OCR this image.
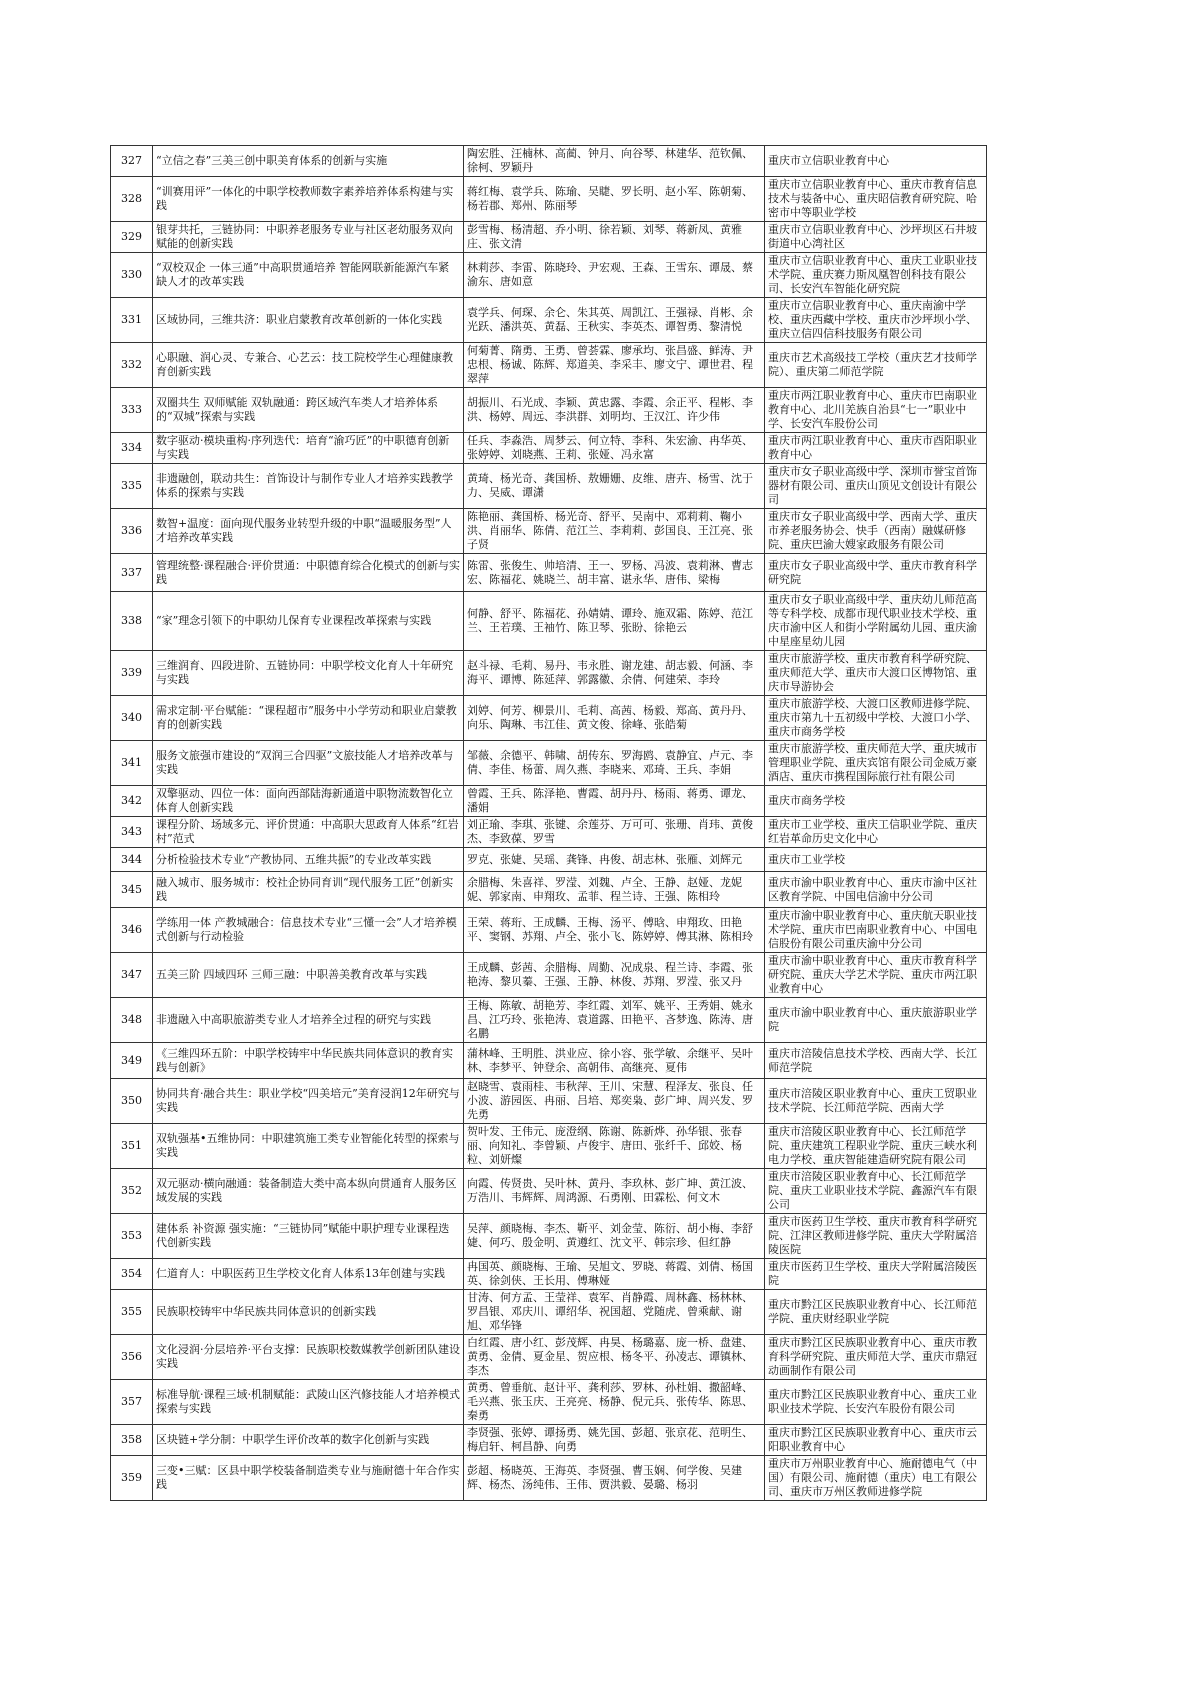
327	“立信之春”三美三创中职美育体系的创新与实施	陶宏胜、汪楠林、高蔺、钟月、向谷琴、林建华、范钦佩、徐柯、罗颖丹	重庆市立信职业教育中心

328	“训赛用评”一体化的中职学校教师数字素养培养体系构建与实践	蒋红梅、袁学兵、陈瑜、吴睫、罗长明、赵小军、陈朝菊、杨若郡、郑州、陈丽琴	重庆市立信职业教育中心、重庆市教育信息技术与装备中心、重庆昭信教育研究院、哈密市中等职业学校

329	银芽共托，三链协同：中职养老服务专业与社区老幼服务双向赋能的创新实践	彭雪梅、杨清超、乔小明、徐若颖、刘琴、蒋新凤、黄雅庄、张文清	重庆市立信职业教育中心、沙坪坝区石井坡街道中心湾社区

330	“双校双企 一体三通”中高职贯通培养 智能网联新能源汽车紧缺人才的改革实践	林莉莎、李雷、陈晓玲、尹宏观、王森、王雪东、谭晟、蔡渝东、唐如意	重庆市立信职业教育中心、重庆工业职业技术学院、重庆赛力斯凤凰智创科技有限公司、长安汽车智能化研究院

331	区域协同，三维共济：职业启蒙教育改革创新的一体化实践	袁学兵、何琛、余仑、朱其英、周凯江、王强禄、肖彬、余光跃、潘洪英、黄磊、王秋实、李英杰、谭智勇、黎清悦	重庆市立信职业教育中心、重庆南渝中学校、重庆西藏中学校、重庆市沙坪坝小学、重庆立信四信科技服务有限公司

332	心职融、润心灵、专兼合、心艺云：技工院校学生心理健康教育创新实践	何菊菁、隋勇、王勇、曾荟霖、廖承均、张昌盛、鲜涛、尹忠根、杨诚、陈辉、郑道美、李采丰、廖文宁、谭世君、程翠萍	重庆市艺术高级技工学校（重庆艺才技师学院）、重庆第二师范学院

333	双圈共生 双师赋能 双轨融通：跨区域汽车类人才培养体系的“双城”探索与实践	胡振川、石光成、李颖、黄忠露、李霞、余正平、程彬、李洪、杨婷、周远、李洪群、刘明均、王汉江、许少伟	重庆市两江职业教育中心、重庆市巴南职业教育中心、北川羌族自治县“七一”职业中学、长安汽车股份公司

334	数字驱动·模块重构·序列迭代：培育“渝巧匠”的中职德育创新与实践	任兵、李淼浩、周梦云、何立特、李科、朱宏渝、冉华英、张婷婷、刘晓燕、王莉、张娅、冯永富	重庆市两江职业教育中心、重庆市酉阳职业教育中心

335	非遗融创，联动共生：首饰设计与制作专业人才培养实践教学体系的探索与实践	黄琦、杨光奇、龚国桥、敖姗姗、皮维、唐卉、杨雪、沈于力、吴威、谭潇	重庆市女子职业高级中学、深圳市誉宝首饰器材有限公司、重庆山顶见文创设计有限公司

336	数智+温度：面向现代服务业转型升级的中职“温暖服务型”人才培养改革实践	陈艳丽、龚国桥、杨光奇、舒平、吴南中、邓莉莉、鞠小洪、肖丽华、陈倩、范江兰、李莉莉、彭国良、王江亮、张子贤	重庆市女子职业高级中学、西南大学、重庆市养老服务协会、快手（西南）融媒研修院、重庆巴渝大嫂家政服务有限公司

337	管理统整·课程融合·评价贯通：中职德育综合化模式的创新与实践	陈雷、张俊生、帅培清、王一、罗杨、冯波、袁莉淋、曹志宏、陈福花、姚晓兰、胡丰富、谌永华、唐伟、梁梅	重庆市女子职业高级中学、重庆市教育科学研究院

338	“家”理念引领下的中职幼儿保育专业课程改革探索与实践	何静、舒平、陈福花、孙婧婧、谭玲、施双霜、陈婷、范江兰、王若璞、王袖竹、陈卫琴、张盼、徐艳云	重庆市女子职业高级中学、重庆幼儿师范高等专科学校、成都市现代职业技术学校、重庆市渝中区人和街小学附属幼儿园、重庆渝中星座星幼儿园

339	三维润育、四段进阶、五链协同：中职学校文化育人十年研究与实践	赵斗禄、毛莉、易丹、韦永胜、谢龙建、胡志毅、何涵、李海平、谭博、陈延萍、郭露徽、余倩、何建荣、李玲	重庆市旅游学校、重庆市教育科学研究院、重庆师范大学、重庆市大渡口区博物馆、重庆市导游协会

340	需求定制·平台赋能：“课程超市”服务中小学劳动和职业启蒙教育的创新实践	刘婷、何芳、柳景川、毛莉、高茜、杨毅、郑高、黄丹丹、向乐、陶琳、韦江佳、黄文俊、徐峰、张皓菊	重庆市旅游学校、大渡口区教师进修学院、重庆市第九十五初级中学校、大渡口小学、重庆市商务学校

341	服务文旅强市建设的“双润三合四驱”文旅技能人才培养改革与实践	邹薇、余德平、韩啸、胡传东、罗海鸥、袁静宜、卢元、李倩、李佳、杨蕾、周久燕、李晓来、邓琦、王兵、李娟	重庆市旅游学校、重庆师范大学、重庆城市管理职业学院、重庆宾馆有限公司金威万豪酒店、重庆市携程国际旅行社有限公司

342	双擎驱动、四位一体：面向西部陆海新通道中职物流数智化立体育人创新实践	曾霞、王兵、陈泽艳、曹霞、胡丹丹、杨雨、蒋勇、谭龙、潘娟	重庆市商务学校

343	课程分阶、场域多元、评价贯通：中高职大思政育人体系“红岩村”范式	刘正瑜、李琪、张键、余莲芬、万可可、张珊、肖玮、黄俊杰、李致葆、罗雪	重庆市工业学校、重庆工信职业学院、重庆红岩革命历史文化中心

344	分析检验技术专业“产教协同、五维共振”的专业改革实践	罗克、张婕、吴瑶、龚锋、冉俊、胡志林、张雁、刘辉元	重庆市工业学校

345	融入城市、服务城市：校社企协同育训“现代服务工匠”创新实践	余腊梅、朱喜祥、罗滢、刘魏、卢全、王静、赵娅、龙妮妮、郭家南、申翔玫、孟菲、程兰诗、王强、陈相玲	重庆市渝中职业教育中心、重庆市渝中区社区教育学院、中国电信渝中分公司

346	学练用一体 产教城融合：信息技术专业“三懂一会”人才培养模式创新与行动检验	王荣、蒋珩、王成麟、王梅、汤平、傅晗、申翔玫、田艳平、窦钢、苏翔、卢全、张小飞、陈婷婷、傅其淋、陈相玲	重庆市渝中职业教育中心、重庆航天职业技术学院、重庆市巴南职业教育中心、中国电信股份有限公司重庆渝中分公司

347	五美三阶 四域四环 三师三融：中职善美教育改革与实践	王成麟、彭茜、余腊梅、周勤、况成泉、程兰诗、李霞、张艳涛、黎贝蓁、王强、王静、林俊、苏翔、罗滢、张又丹	重庆市渝中职业教育中心、重庆市教育科学研究院、重庆大学艺术学院、重庆市两江职业教育中心

348	非遗融入中高职旅游类专业人才培养全过程的研究与实践	王梅、陈敏、胡艳芳、李红霞、刘军、姚平、王秀娟、姚永昌、江巧玲、张艳涛、袁道露、田艳平、吝梦逸、陈涛、唐名鹏	重庆市渝中职业教育中心、重庆旅游职业学院

349	《三维四环五阶：中职学校铸牢中华民族共同体意识的教育实践与创新》	蒲林峰、王明胜、洪业应、徐小容、张学敏、余继平、吴叶林、李梦平、钟登余、高朝伟、高继亮、夏伟	重庆市涪陵信息技术学校、西南大学、长江师范学院

350	协同共育·融合共生：职业学校“四美培元”美育浸润12年研究与实践	赵晓雪、袁雨桂、韦秋萍、王川、宋慧、程泽友、张良、任小波、游园医、冉丽、吕培、郑奕枭、彭广坤、周兴发、罗先勇	重庆市涪陵区职业教育中心、重庆工贸职业技术学院、长江师范学院、西南大学

351	双轨强基•五维协同：中职建筑施工类专业智能化转型的探索与实践	贺叶发、王伟元、庞澄纲、陈谢、陈新烨、孙华银、张春丽、向知礼、李曾颖、卢俊宇、唐田、张纤千、邱姣、杨粒、刘妍燦	重庆市涪陵区职业教育中心、长江师范学院、重庆建筑工程职业学院、重庆三峡水利电力学校、重庆智能建造研究院有限公司

352	双元驱动·横向融通：装备制造大类中高本纵向贯通育人服务区域发展的实践	向霞、传贤贵、吴叶林、黄丹、李玖林、彭广坤、黄江波、万浩川、韦辉辉、周鸿源、石勇刚、田霖松、何文木	重庆市涪陵区职业教育中心、长江师范学院、重庆工业职业技术学院、鑫源汽车有限公司

353	建体系 补资源 强实施：“三链协同”赋能中职护理专业课程迭代创新实践	吴萍、颜晓梅、李杰、靳平、刘金莹、陈衍、胡小梅、李舒婕、何巧、殷金明、黄遵红、沈文平、韩宗珍、但红静	重庆市医药卫生学校、重庆市教育科学研究院、江津区教师进修学院、重庆大学附属涪陵医院

354	仁道育人：中职医药卫生学校文化育人体系13年创建与实践	冉国英、颜晓梅、王瑜、吴旭文、罗晓、蒋霞、刘倩、杨国英、徐剑侠、王长用、傅琳娅	重庆市医药卫生学校、重庆大学附属涪陵医院

355	民族职校铸牢中华民族共同体意识的创新实践	甘涛、何方孟、王莹祥、袁军、肖静霞、周林鑫、杨林林、罗昌银、邓庆川、谭绍华、祝国超、党随虎、曾乘献、谢旭、邓华锋	重庆市黔江区民族职业教育中心、长江师范学院、重庆财经职业学院

356	文化浸润·分层培养·平台支撑：民族职校数媒教学创新团队建设实践	白红霞、唐小红、彭茂辉、冉昊、杨璐嘉、庞一桥、盘建、黄勇、金倩、夏金星、贺应根、杨冬平、孙凌志、谭镇林、李杰	重庆市黔江区民族职业教育中心、重庆市教育科学研究院、重庆师范大学、重庆市鼎冠动画制作有限公司

357	标准导航·课程三域·机制赋能：武陵山区汽修技能人才培养模式探索与实践	黄勇、曾垂航、赵计平、龚利莎、罗林、孙杜娟、撒韶峰、毛兴燕、张玉庆、王亮亮、杨静、倪元兵、张传华、陈思、秦勇	重庆市黔江区民族职业教育中心、重庆工业职业技术学院、长安汽车股份有限公司

358	区块链+学分制：中职学生评价改革的数字化创新与实践	李贤强、张婷、谭扬勇、姚先国、彭超、张京花、范明生、梅启轩、柯昌静、向勇	重庆市黔江区民族职业教育中心、重庆市云阳职业教育中心

359	三变•三赋：区县中职学校装备制造类专业与施耐德十年合作实践	彭超、杨晓英、王海英、李贤强、曹玉娴、何学俊、吴建辉、杨杰、汤纯伟、王伟、贾洪毅、晏璐、杨羽	重庆市万州职业教育中心、施耐德电气（中国）有限公司、施耐德（重庆）电工有限公司、重庆市万州区教师进修学院
